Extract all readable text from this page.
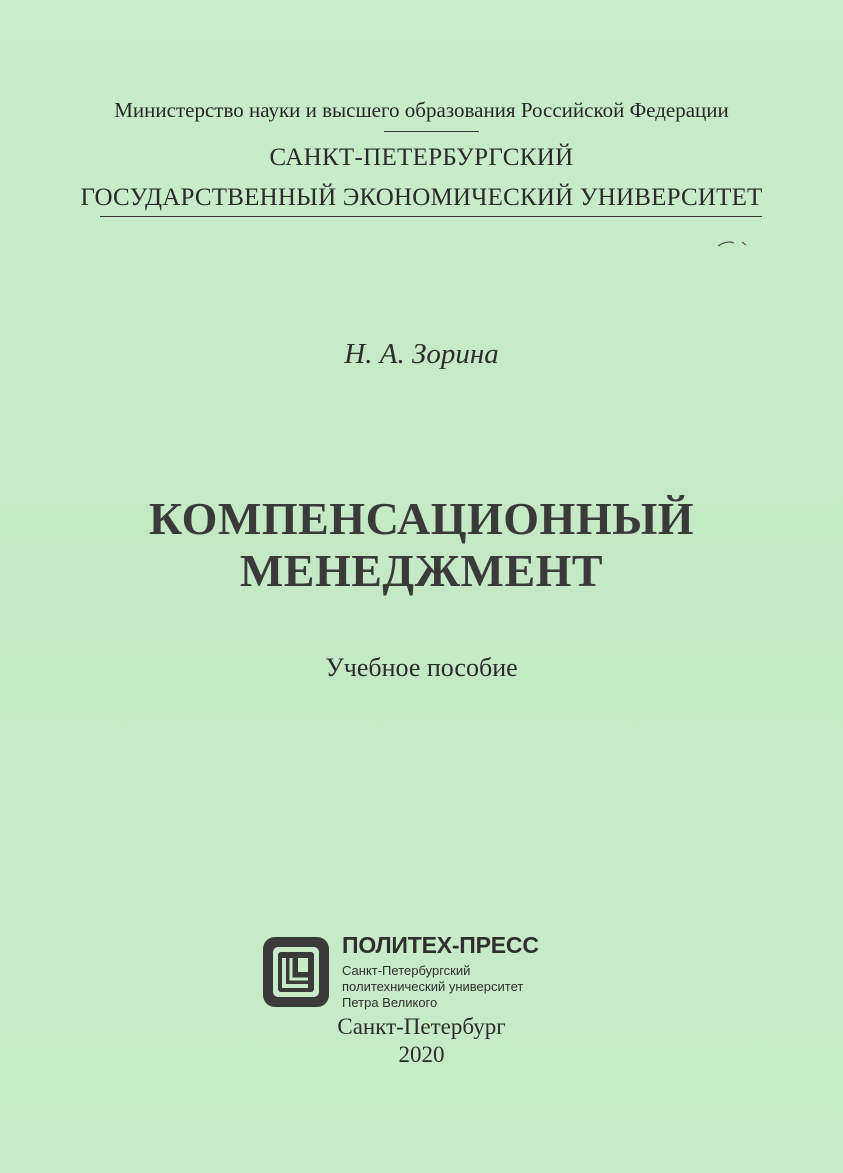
Министерство науки и высшего образования Российской Федерации
САНКТ-ПЕТЕРБУРГСКИЙ
ГОСУДАРСТВЕННЫЙ ЭКОНОМИЧЕСКИЙ УНИВЕРСИТЕТ
Н. А. Зорина
КОМПЕНСАЦИОННЫЙ
МЕНЕДЖМЕНТ
Учебное пособие
ПОЛИТЕХ-ПРЕСС
Санкт-Петербургский
политехнический университет
Петра Великого
Санкт-Петербург
2020
